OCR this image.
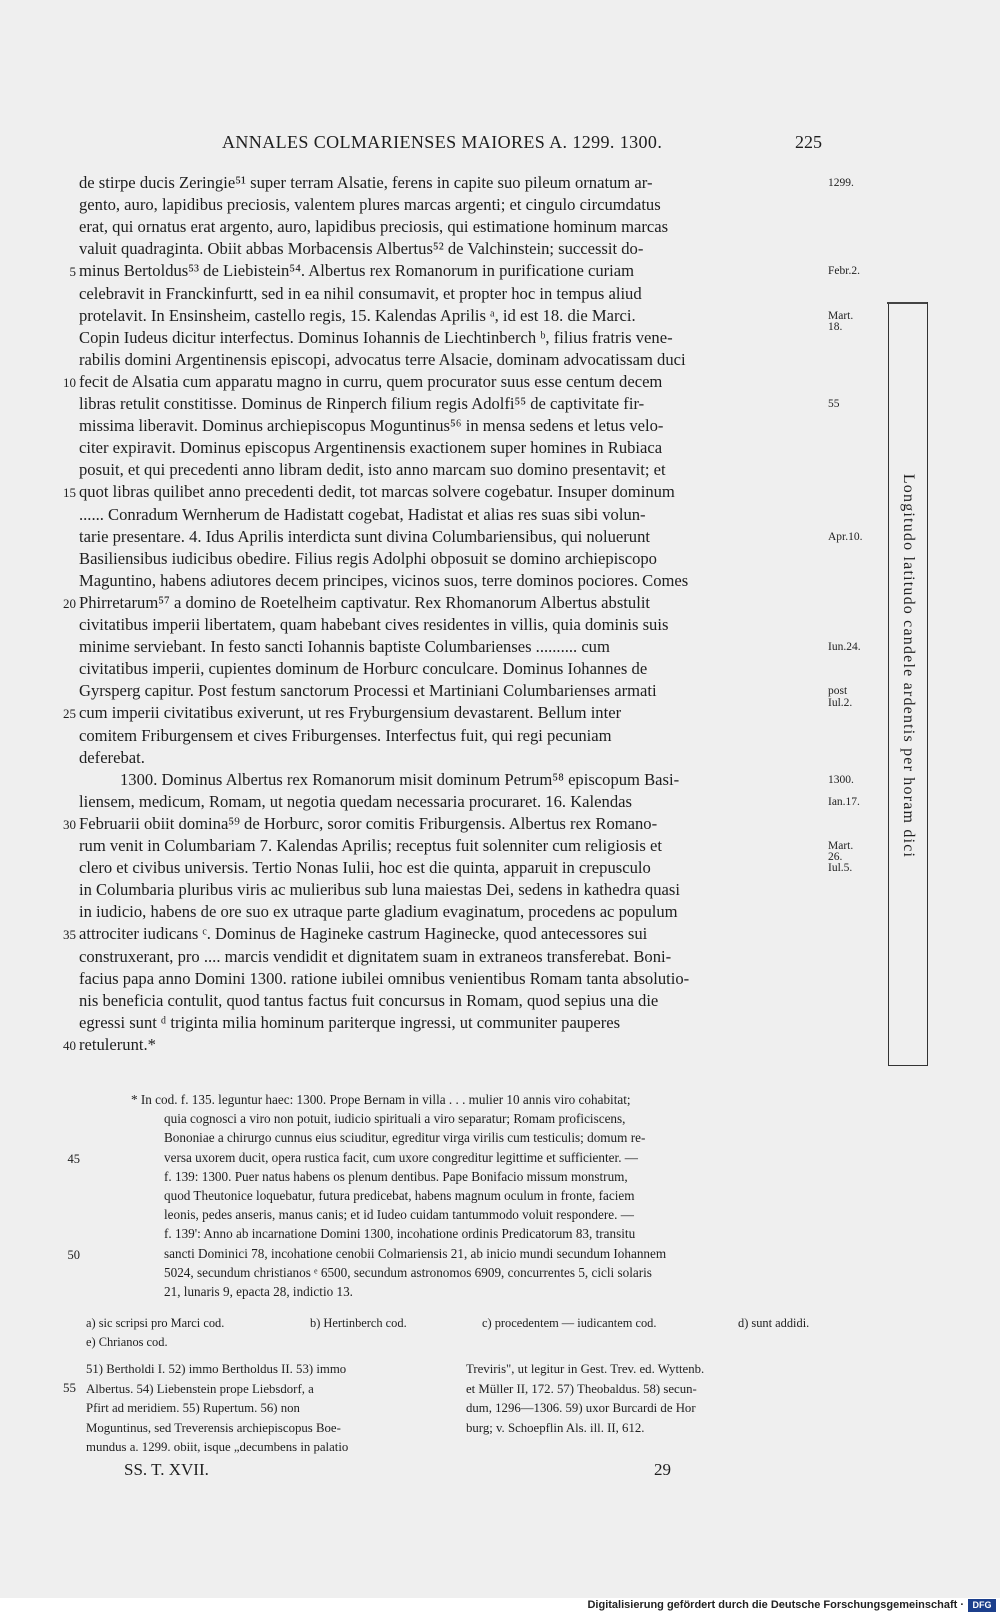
ANNALES COLMARIENSES MAIORES A. 1299. 1300.	225
de stirpe ducis Zeringie⁵¹ super terram Alsatie, ferens in capite suo pileum ornatum ar-
gento, auro, lapidibus preciosis, valentem plures marcas argenti; et cingulo circumdatus
erat, qui ornatus erat argento, auro, lapidibus preciosis, qui estimatione hominum marcas
valuit quadraginta. Obiit abbas Morbacensis Albertus⁵² de Valchinstein; successit do-
minus Bertoldus⁵³ de Liebistein⁵⁴. Albertus rex Romanorum in purificatione curiam
celebravit in Franckinfurtt, sed in ea nihil consumavit, et propter hoc in tempus aliud
protelavit. In Ensinsheim, castello regis, 15. Kalendas Aprilis ᵃ, id est 18. die Marci.
Copin Iudeus dicitur interfectus. Dominus Iohannis de Liechtinberch ᵇ, filius fratris vene-
rabilis domini Argentinensis episcopi, advocatus terre Alsacie, dominam advocatissam duci
fecit de Alsatia cum apparatu magno in curru, quem procurator suus esse centum decem
libras retulit constitisse. Dominus de Rinperch filium regis Adolfi⁵⁵ de captivitate fir-
missima liberavit. Dominus archiepiscopus Moguntinus⁵⁶ in mensa sedens et letus velo-
citer expiravit. Dominus episcopus Argentinensis exactionem super homines in Rubiaca
posuit, et qui precedenti anno libram dedit, isto anno marcam suo domino presentavit; et
quot libras quilibet anno precedenti dedit, tot marcas solvere cogebatur. Insuper dominum
...... Conradum Wernherum de Hadistatt cogebat, Hadistat et alias res suas sibi volun-
tarie presentare. 4. Idus Aprilis interdicta sunt divina Columbariensibus, qui noluerunt
Basiliensibus iudicibus obedire. Filius regis Adolphi obposuit se domino archiepiscopo
Maguntino, habens adiutores decem principes, vicinos suos, terre dominos pociores. Comes
Phirretarum⁵⁷ a domino de Roetelheim captivatur. Rex Rhomanorum Albertus abstulit
civitatibus imperii libertatem, quam habebant cives residentes in villis, quia dominis suis
minime serviebant. In festo sancti Iohannis baptiste Columbarienses .......... cum
civitatibus imperii, cupientes dominum de Horburc conculcare. Dominus Iohannes de
Gyrsperg capitur. Post festum sanctorum Processi et Martiniani Columbarienses armati
cum imperii civitatibus exiverunt, ut res Fryburgensium devastarent. Bellum inter
comitem Friburgensem et cives Friburgenses. Interfectus fuit, qui regi pecuniam
deferebat.
1300. Dominus Albertus rex Romanorum misit dominum Petrum⁵⁸ episcopum Basi-
liensem, medicum, Romam, ut negotia quedam necessaria procuraret. 16. Kalendas
Februarii obiit domina⁵⁹ de Horburc, soror comitis Friburgensis. Albertus rex Romano-
rum venit in Columbariam 7. Kalendas Aprilis; receptus fuit solenniter cum religiosis et
clero et civibus universis. Tertio Nonas Iulii, hoc est die quinta, apparuit in crepusculo
in Columbaria pluribus viris ac mulieribus sub luna maiestas Dei, sedens in kathedra quasi
in iudicio, habens de ore suo ex utraque parte gladium evaginatum, procedens ac populum
attrociter iudicans ᶜ. Dominus de Hagineke castrum Haginecke, quod antecessores sui
construxerant, pro .... marcis vendidit et dignitatem suam in extraneos transferebat. Boni-
facius papa anno Domini 1300. ratione iubilei omnibus venientibus Romam tanta absolutio-
nis beneficia contulit, quod tantus factus fuit concursus in Romam, quod sepius una die
egressi sunt ᵈ triginta milia hominum pariterque ingressi, ut communiter pauperes
retulerunt.*
5
10
15
20
25
30
35
40
1299.
Febr.2.
Mart.
18.
55
Apr.10.
Iun.24.
post
Iul.2.
1300.
Ian.17.
Mart.
26.
Iul.5.
Longitudo latitudo candele ardentis per horam dici
* In cod. f. 135. leguntur haec: 1300. Prope Bernam in villa . . . mulier 10 annis viro cohabitat;
quia cognosci a viro non potuit, iudicio spirituali a viro separatur; Romam proficiscens,
Bononiae a chirurgo cunnus eius sciuditur, egreditur virga virilis cum testiculis; domum re-
versa uxorem ducit, opera rustica facit, cum uxore congreditur legittime et sufficienter. —
f. 139: 1300. Puer natus habens os plenum dentibus. Pape Bonifacio missum monstrum,
quod Theutonice loquebatur, futura predicebat, habens magnum oculum in fronte, faciem
leonis, pedes anseris, manus canis; et id Iudeo cuidam tantummodo voluit respondere. —
f. 139': Anno ab incarnatione Domini 1300, incohatione ordinis Predicatorum 83, transitu
sancti Dominici 78, incohatione cenobii Colmariensis 21, ab inicio mundi secundum Iohannem
5024, secundum christianos ᵉ 6500, secundum astronomos 6909, concurrentes 5, cicli solaris
21, lunaris 9, epacta 28, indictio 13.
45
50
a) sic scripsi pro Marci cod.	b) Hertinberch cod.	c) procedentem — iudicantem cod.	d) sunt addidi.
e) Chrianos cod.
51) Bertholdi I. 52) immo Bertholdus II. 53) immo
Albertus. 54) Liebenstein prope Liebsdorf, a
Pfirt ad meridiem. 55) Rupertum. 56) non
Moguntinus, sed Treverensis archiepiscopus Boe-
mundus a. 1299. obiit, isque „decumbens in palatio
Treviris", ut legitur in Gest. Trev. ed. Wyttenb.
et Müller II, 172. 57) Theobaldus. 58) secun-
dum, 1296—1306. 59) uxor Burcardi de Hor
burg; v. Schoepflin Als. ill. II, 612.
55
SS. T. XVII.	29
Digitalisierung gefördert durch die Deutsche Forschungsgemeinschaft · DFG
